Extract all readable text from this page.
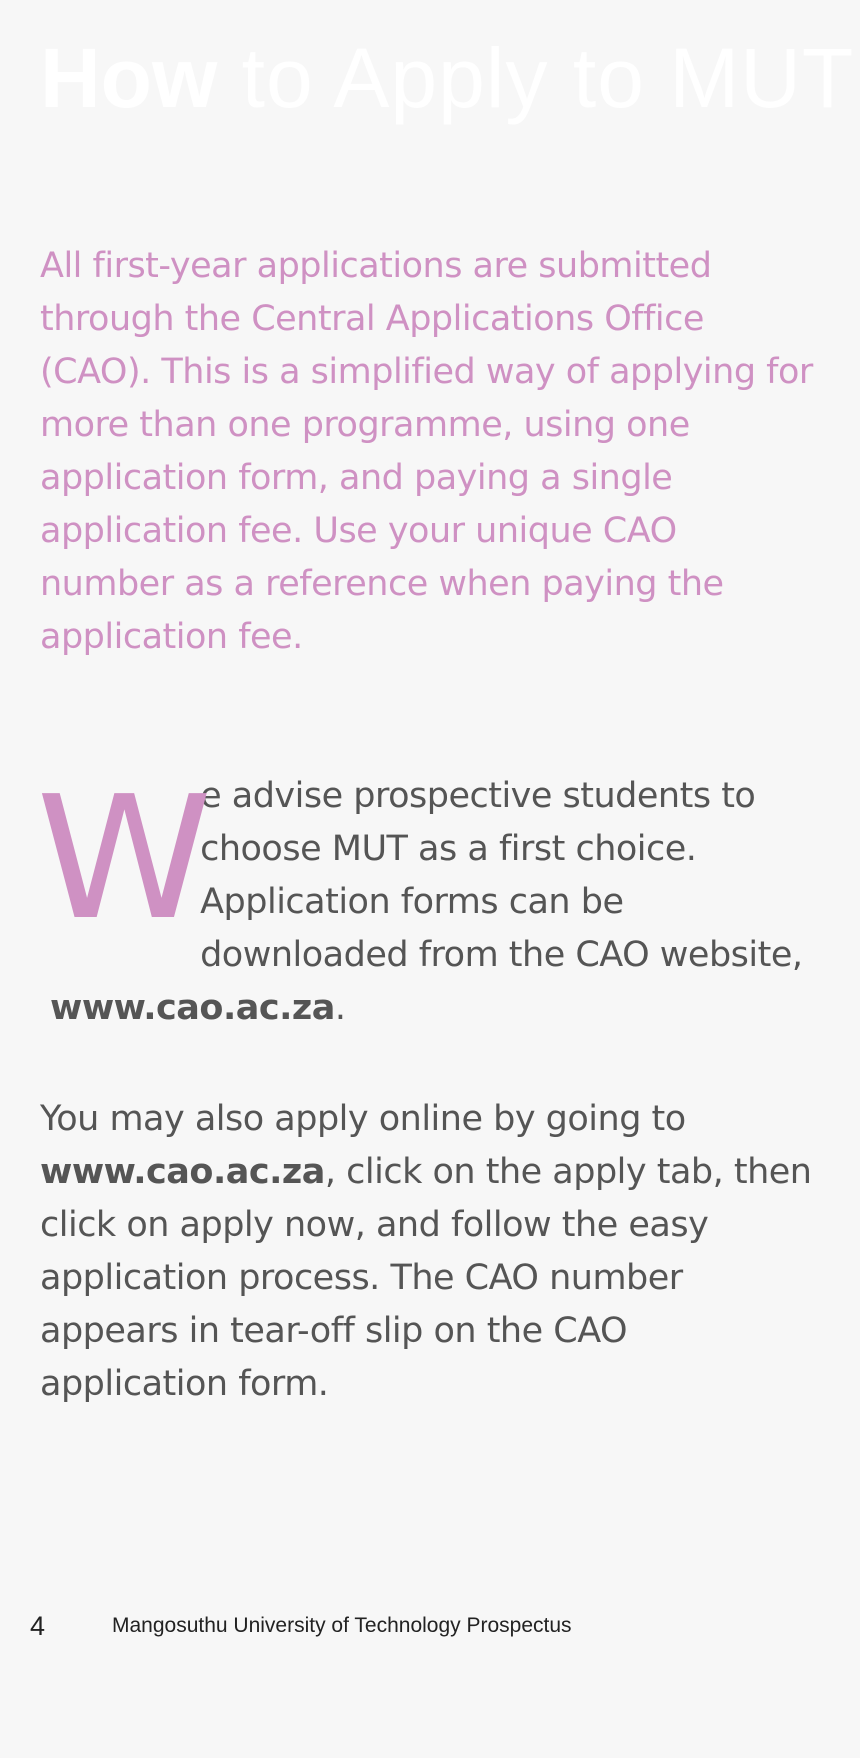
How to Apply to MUT

All first-year applications are submitted through the Central Applications Office (CAO). This is a simplified way of applying for more than one programme, using one application form, and paying a single application fee. Use your unique CAO number as a reference when paying the application fee.

W
e advise prospective students to choose MUT as a first choice. Application forms can be downloaded from the CAO website,
www.cao.ac.za.

You may also apply online by going to www.cao.ac.za, click on the apply tab, then click on apply now, and follow the easy application process. The CAO number appears in tear-off slip on the CAO application form.

4	Mangosuthu University of Technology Prospectus
